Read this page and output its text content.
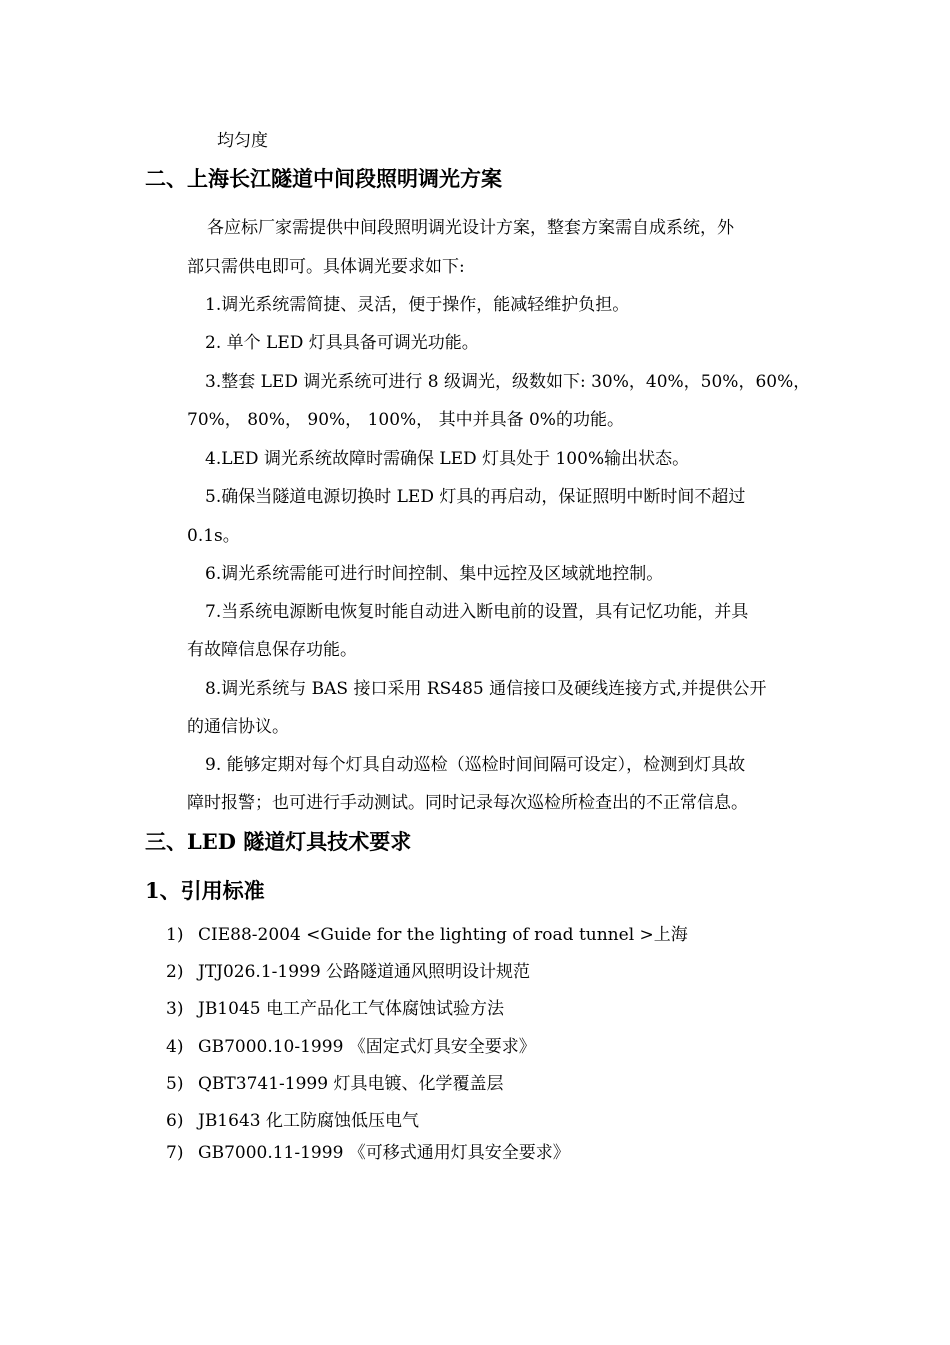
均匀度
二、上海长江隧道中间段照明调光方案
各应标厂家需提供中间段照明调光设计方案，整套方案需自成系统，外
部只需供电即可。具体调光要求如下:
1.调光系统需简捷、灵活，便于操作，能减轻维护负担。
2. 单个 LED 灯具具备可调光功能。
3.整套 LED 调光系统可进行 8 级调光，级数如下: 30%，40%，50%，60%，
70%， 80%， 90%， 100%， 其中并具备 0%的功能。
4.LED 调光系统故障时需确保 LED 灯具处于 100%输出状态。
5.确保当隧道电源切换时 LED 灯具的再启动，保证照明中断时间不超过
0.1s。
6.调光系统需能可进行时间控制、集中远控及区域就地控制。
7.当系统电源断电恢复时能自动进入断电前的设置，具有记忆功能，并具
有故障信息保存功能。
8.调光系统与 BAS 接口采用 RS485 通信接口及硬线连接方式,并提供公开
的通信协议。
9. 能够定期对每个灯具自动巡检（巡检时间间隔可设定），检测到灯具故
障时报警；也可进行手动测试。同时记录每次巡检所检查出的不正常信息。
三、LED 隧道灯具技术要求
1、引用标准
1) CIE88-2004 <Guide for the lighting of road tunnel >上海
2) JTJ026.1-1999 公路隧道通风照明设计规范
3) JB1045 电工产品化工气体腐蚀试验方法
4) GB7000.10-1999 《固定式灯具安全要求》
5) QBT3741-1999 灯具电镀、化学覆盖层
6) JB1643 化工防腐蚀低压电气
7) GB7000.11-1999 《可移式通用灯具安全要求》
